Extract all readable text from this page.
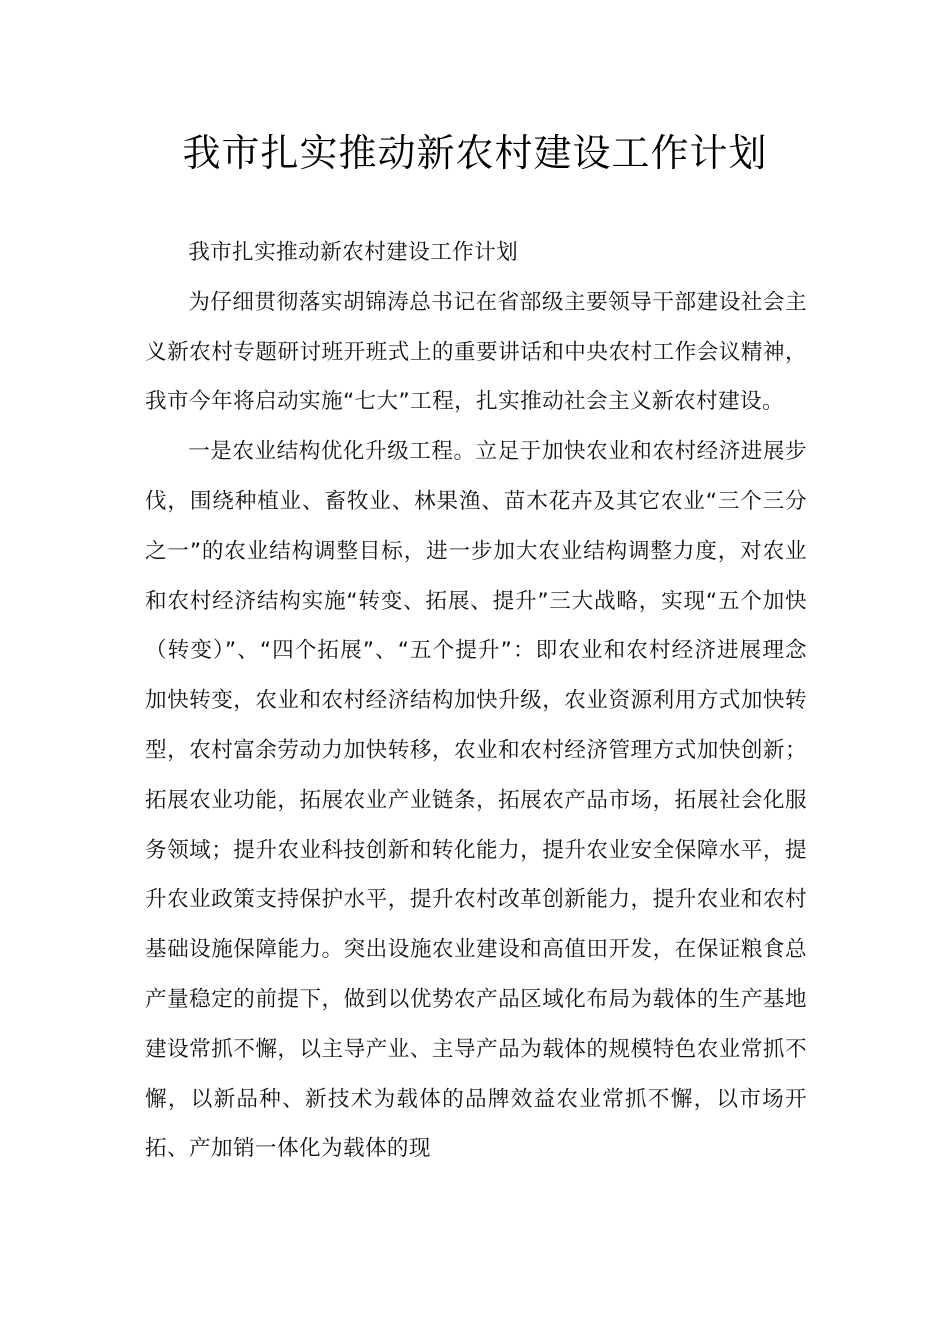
我市扎实推动新农村建设工作计划

我市扎实推动新农村建设工作计划

为仔细贯彻落实胡锦涛总书记在省部级主要领导干部建设社会主义新农村专题研讨班开班式上的重要讲话和中央农村工作会议精神，我市今年将启动实施“七大”工程，扎实推动社会主义新农村建设。

一是农业结构优化升级工程。立足于加快农业和农村经济进展步伐，围绕种植业、畜牧业、林果渔、苗木花卉及其它农业“三个三分之一”的农业结构调整目标，进一步加大农业结构调整力度，对农业和农村经济结构实施“转变、拓展、提升”三大战略，实现“五个加快（转变）”、“四个拓展”、“五个提升”：即农业和农村经济进展理念加快转变，农业和农村经济结构加快升级，农业资源利用方式加快转型，农村富余劳动力加快转移，农业和农村经济管理方式加快创新；拓展农业功能，拓展农业产业链条，拓展农产品市场，拓展社会化服务领域；提升农业科技创新和转化能力，提升农业安全保障水平，提升农业政策支持保护水平，提升农村改革创新能力，提升农业和农村基础设施保障能力。突出设施农业建设和高值田开发，在保证粮食总产量稳定的前提下，做到以优势农产品区域化布局为载体的生产基地建设常抓不懈，以主导产业、主导产品为载体的规模特色农业常抓不懈，以新品种、新技术为载体的品牌效益农业常抓不懈，以市场开拓、产加销一体化为载体的现
